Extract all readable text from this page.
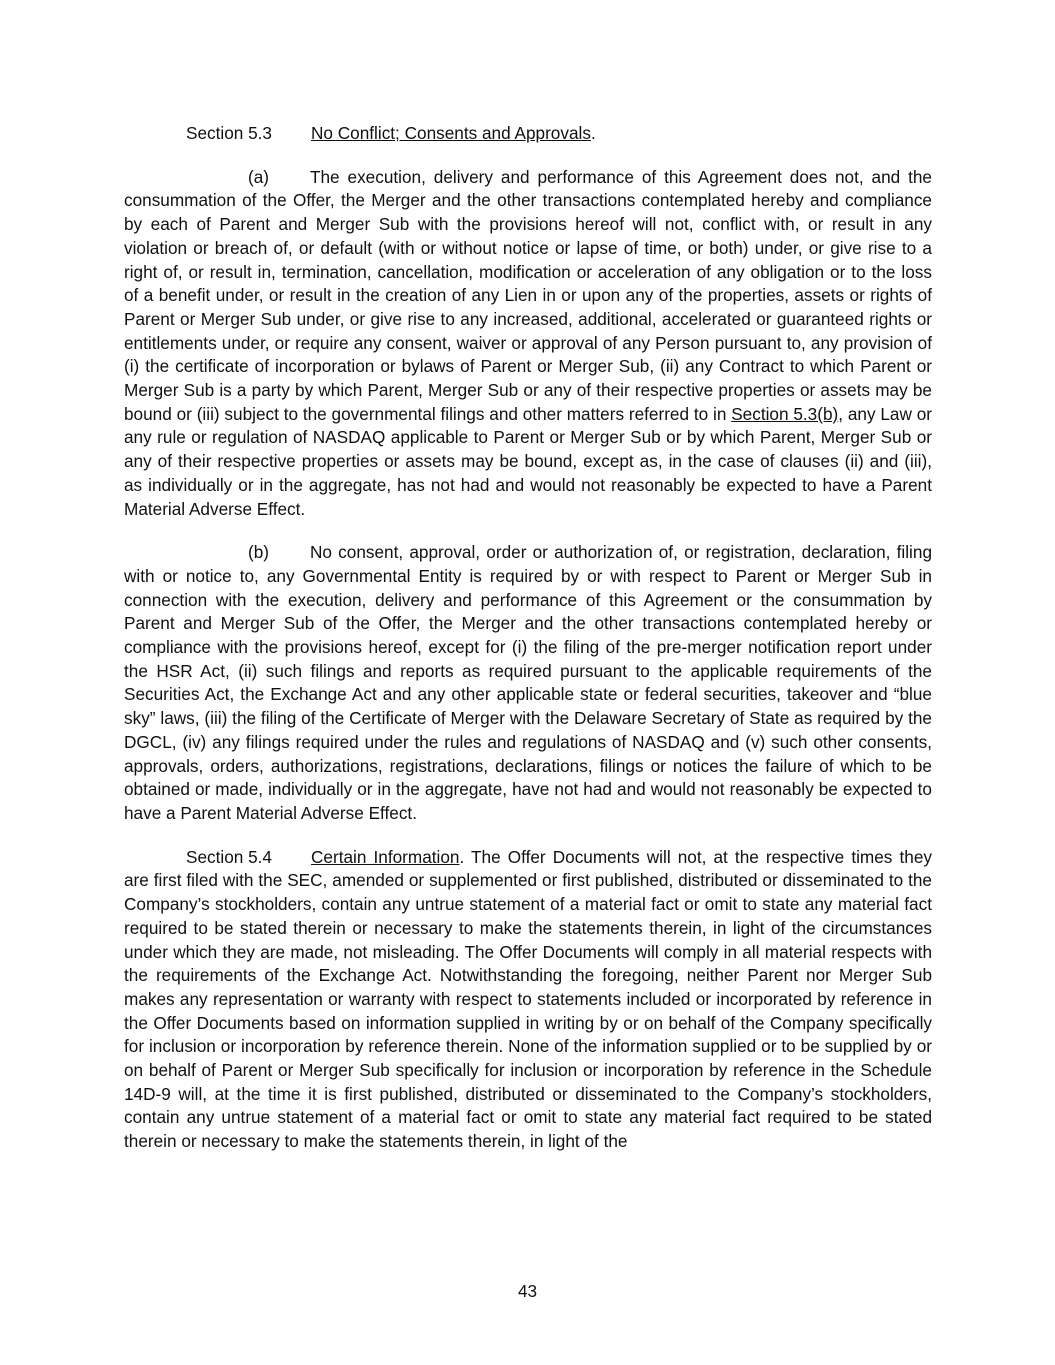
Section 5.3 No Conflict; Consents and Approvals.

(a) The execution, delivery and performance of this Agreement does not, and the consummation of the Offer, the Merger and the other transactions contemplated hereby and compliance by each of Parent and Merger Sub with the provisions hereof will not, conflict with, or result in any violation or breach of, or default (with or without notice or lapse of time, or both) under, or give rise to a right of, or result in, termination, cancellation, modification or acceleration of any obligation or to the loss of a benefit under, or result in the creation of any Lien in or upon any of the properties, assets or rights of Parent or Merger Sub under, or give rise to any increased, additional, accelerated or guaranteed rights or entitlements under, or require any consent, waiver or approval of any Person pursuant to, any provision of (i) the certificate of incorporation or bylaws of Parent or Merger Sub, (ii) any Contract to which Parent or Merger Sub is a party by which Parent, Merger Sub or any of their respective properties or assets may be bound or (iii) subject to the governmental filings and other matters referred to in Section 5.3(b), any Law or any rule or regulation of NASDAQ applicable to Parent or Merger Sub or by which Parent, Merger Sub or any of their respective properties or assets may be bound, except as, in the case of clauses (ii) and (iii), as individually or in the aggregate, has not had and would not reasonably be expected to have a Parent Material Adverse Effect.

(b) No consent, approval, order or authorization of, or registration, declaration, filing with or notice to, any Governmental Entity is required by or with respect to Parent or Merger Sub in connection with the execution, delivery and performance of this Agreement or the consummation by Parent and Merger Sub of the Offer, the Merger and the other transactions contemplated hereby or compliance with the provisions hereof, except for (i) the filing of the pre-merger notification report under the HSR Act, (ii) such filings and reports as required pursuant to the applicable requirements of the Securities Act, the Exchange Act and any other applicable state or federal securities, takeover and “blue sky” laws, (iii) the filing of the Certificate of Merger with the Delaware Secretary of State as required by the DGCL, (iv) any filings required under the rules and regulations of NASDAQ and (v) such other consents, approvals, orders, authorizations, registrations, declarations, filings or notices the failure of which to be obtained or made, individually or in the aggregate, have not had and would not reasonably be expected to have a Parent Material Adverse Effect.

Section 5.4 Certain Information. The Offer Documents will not, at the respective times they are first filed with the SEC, amended or supplemented or first published, distributed or disseminated to the Company’s stockholders, contain any untrue statement of a material fact or omit to state any material fact required to be stated therein or necessary to make the statements therein, in light of the circumstances under which they are made, not misleading. The Offer Documents will comply in all material respects with the requirements of the Exchange Act. Notwithstanding the foregoing, neither Parent nor Merger Sub makes any representation or warranty with respect to statements included or incorporated by reference in the Offer Documents based on information supplied in writing by or on behalf of the Company specifically for inclusion or incorporation by reference therein. None of the information supplied or to be supplied by or on behalf of Parent or Merger Sub specifically for inclusion or incorporation by reference in the Schedule 14D-9 will, at the time it is first published, distributed or disseminated to the Company’s stockholders, contain any untrue statement of a material fact or omit to state any material fact required to be stated therein or necessary to make the statements therein, in light of the

43
